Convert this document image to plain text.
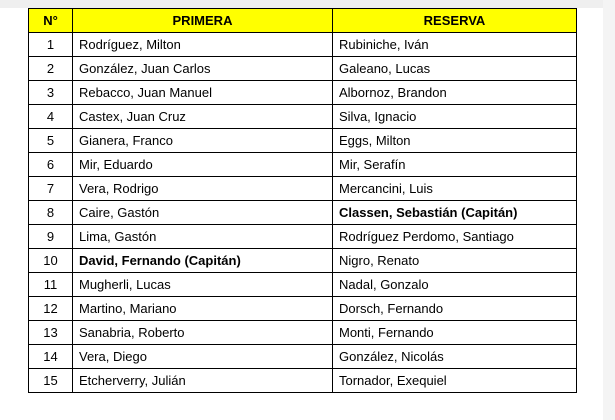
N°	PRIMERA	RESERVA
1	Rodríguez, Milton	Rubiniche, Iván
2	González, Juan Carlos	Galeano, Lucas
3	Rebacco, Juan Manuel	Albornoz, Brandon
4	Castex, Juan Cruz	Silva, Ignacio
5	Gianera, Franco	Eggs, Milton
6	Mir, Eduardo	Mir, Serafín
7	Vera, Rodrigo	Mercancini, Luis
8	Caire, Gastón	Classen, Sebastián (Capitán)
9	Lima, Gastón	Rodríguez Perdomo, Santiago
10	David, Fernando (Capitán)	Nigro, Renato
11	Mugherli, Lucas	Nadal, Gonzalo
12	Martino, Mariano	Dorsch, Fernando
13	Sanabria, Roberto	Monti, Fernando
14	Vera, Diego	González, Nicolás
15	Etcherverry, Julián	Tornador, Exequiel
